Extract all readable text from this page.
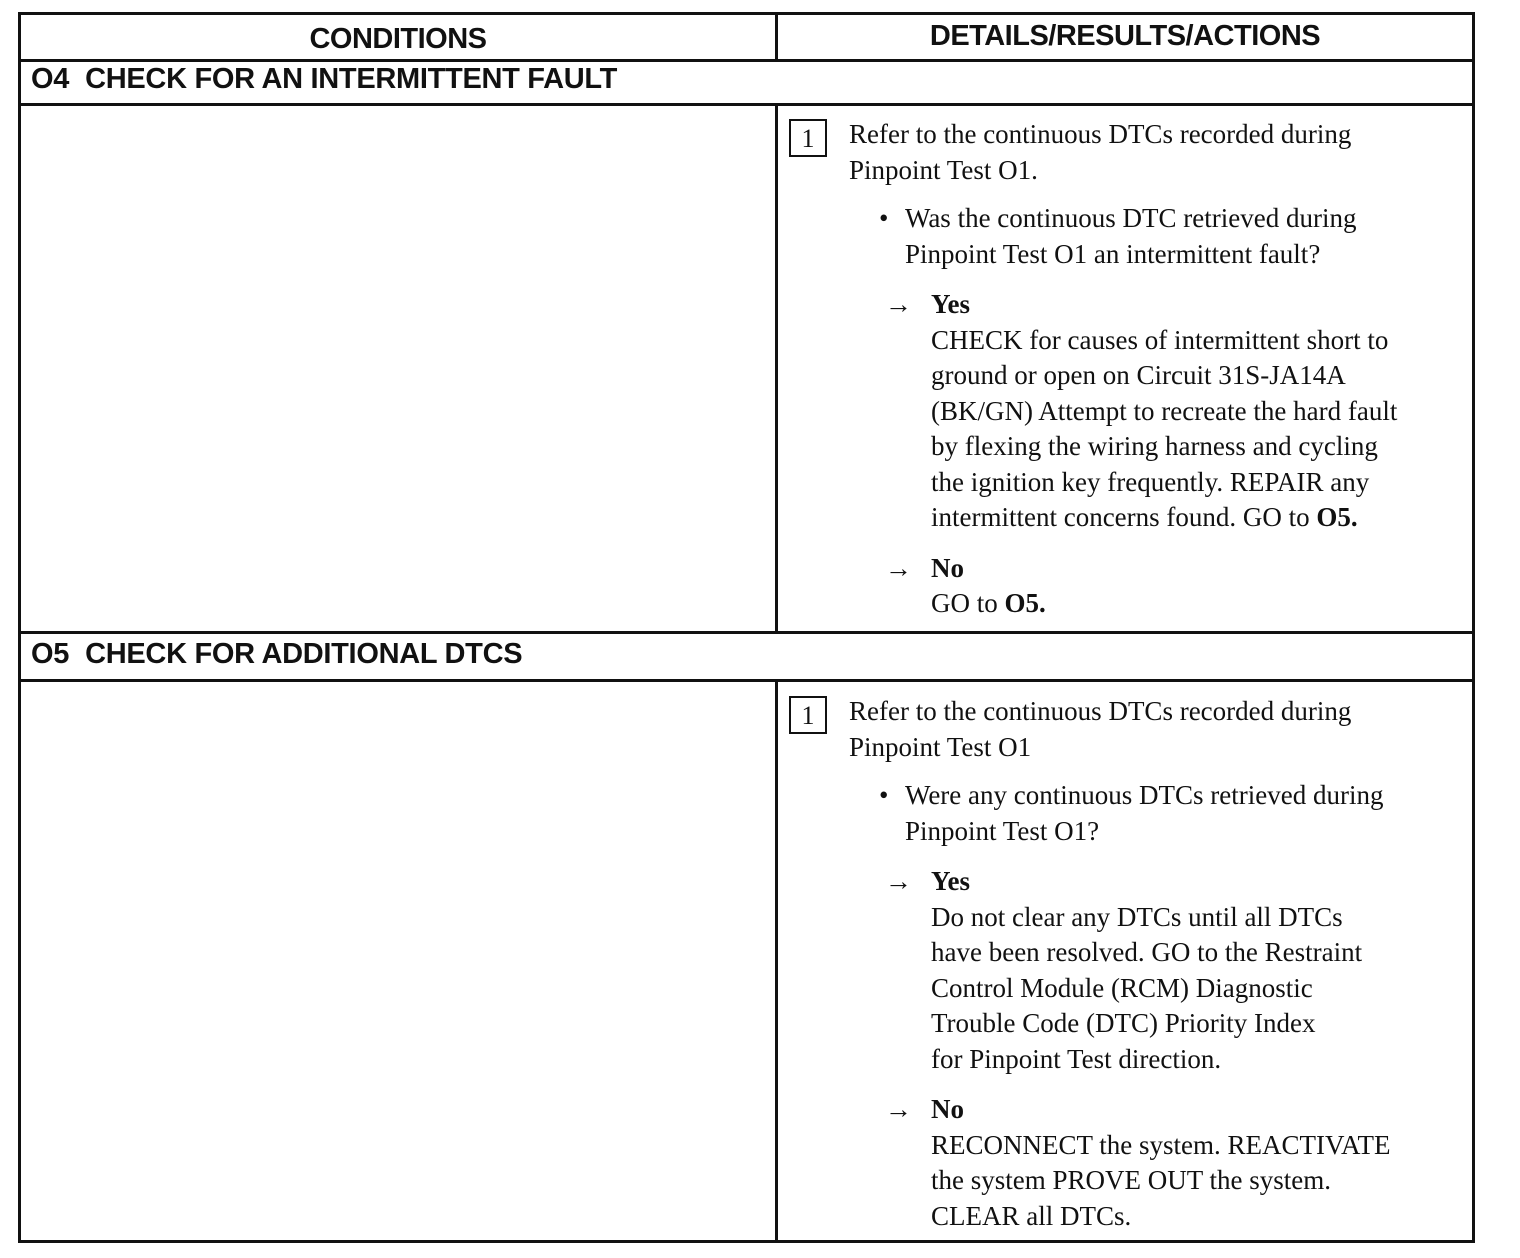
CONDITIONS	DETAILS/RESULTS/ACTIONS
O4 CHECK FOR AN INTERMITTENT FAULT
1	Refer to the continuous DTCs recorded during
Pinpoint Test O1.
• Was the continuous DTC retrieved during
Pinpoint Test O1 an intermittent fault?
→ Yes
CHECK for causes of intermittent short to
ground or open on Circuit 31S-JA14A
(BK/GN) Attempt to recreate the hard fault
by flexing the wiring harness and cycling
the ignition key frequently. REPAIR any
intermittent concerns found. GO to O5.
→ No
GO to O5.
O5 CHECK FOR ADDITIONAL DTCS
1	Refer to the continuous DTCs recorded during
Pinpoint Test O1
• Were any continuous DTCs retrieved during
Pinpoint Test O1?
→ Yes
Do not clear any DTCs until all DTCs
have been resolved. GO to the Restraint
Control Module (RCM) Diagnostic
Trouble Code (DTC) Priority Index
for Pinpoint Test direction.
→ No
RECONNECT the system. REACTIVATE
the system PROVE OUT the system.
CLEAR all DTCs.
